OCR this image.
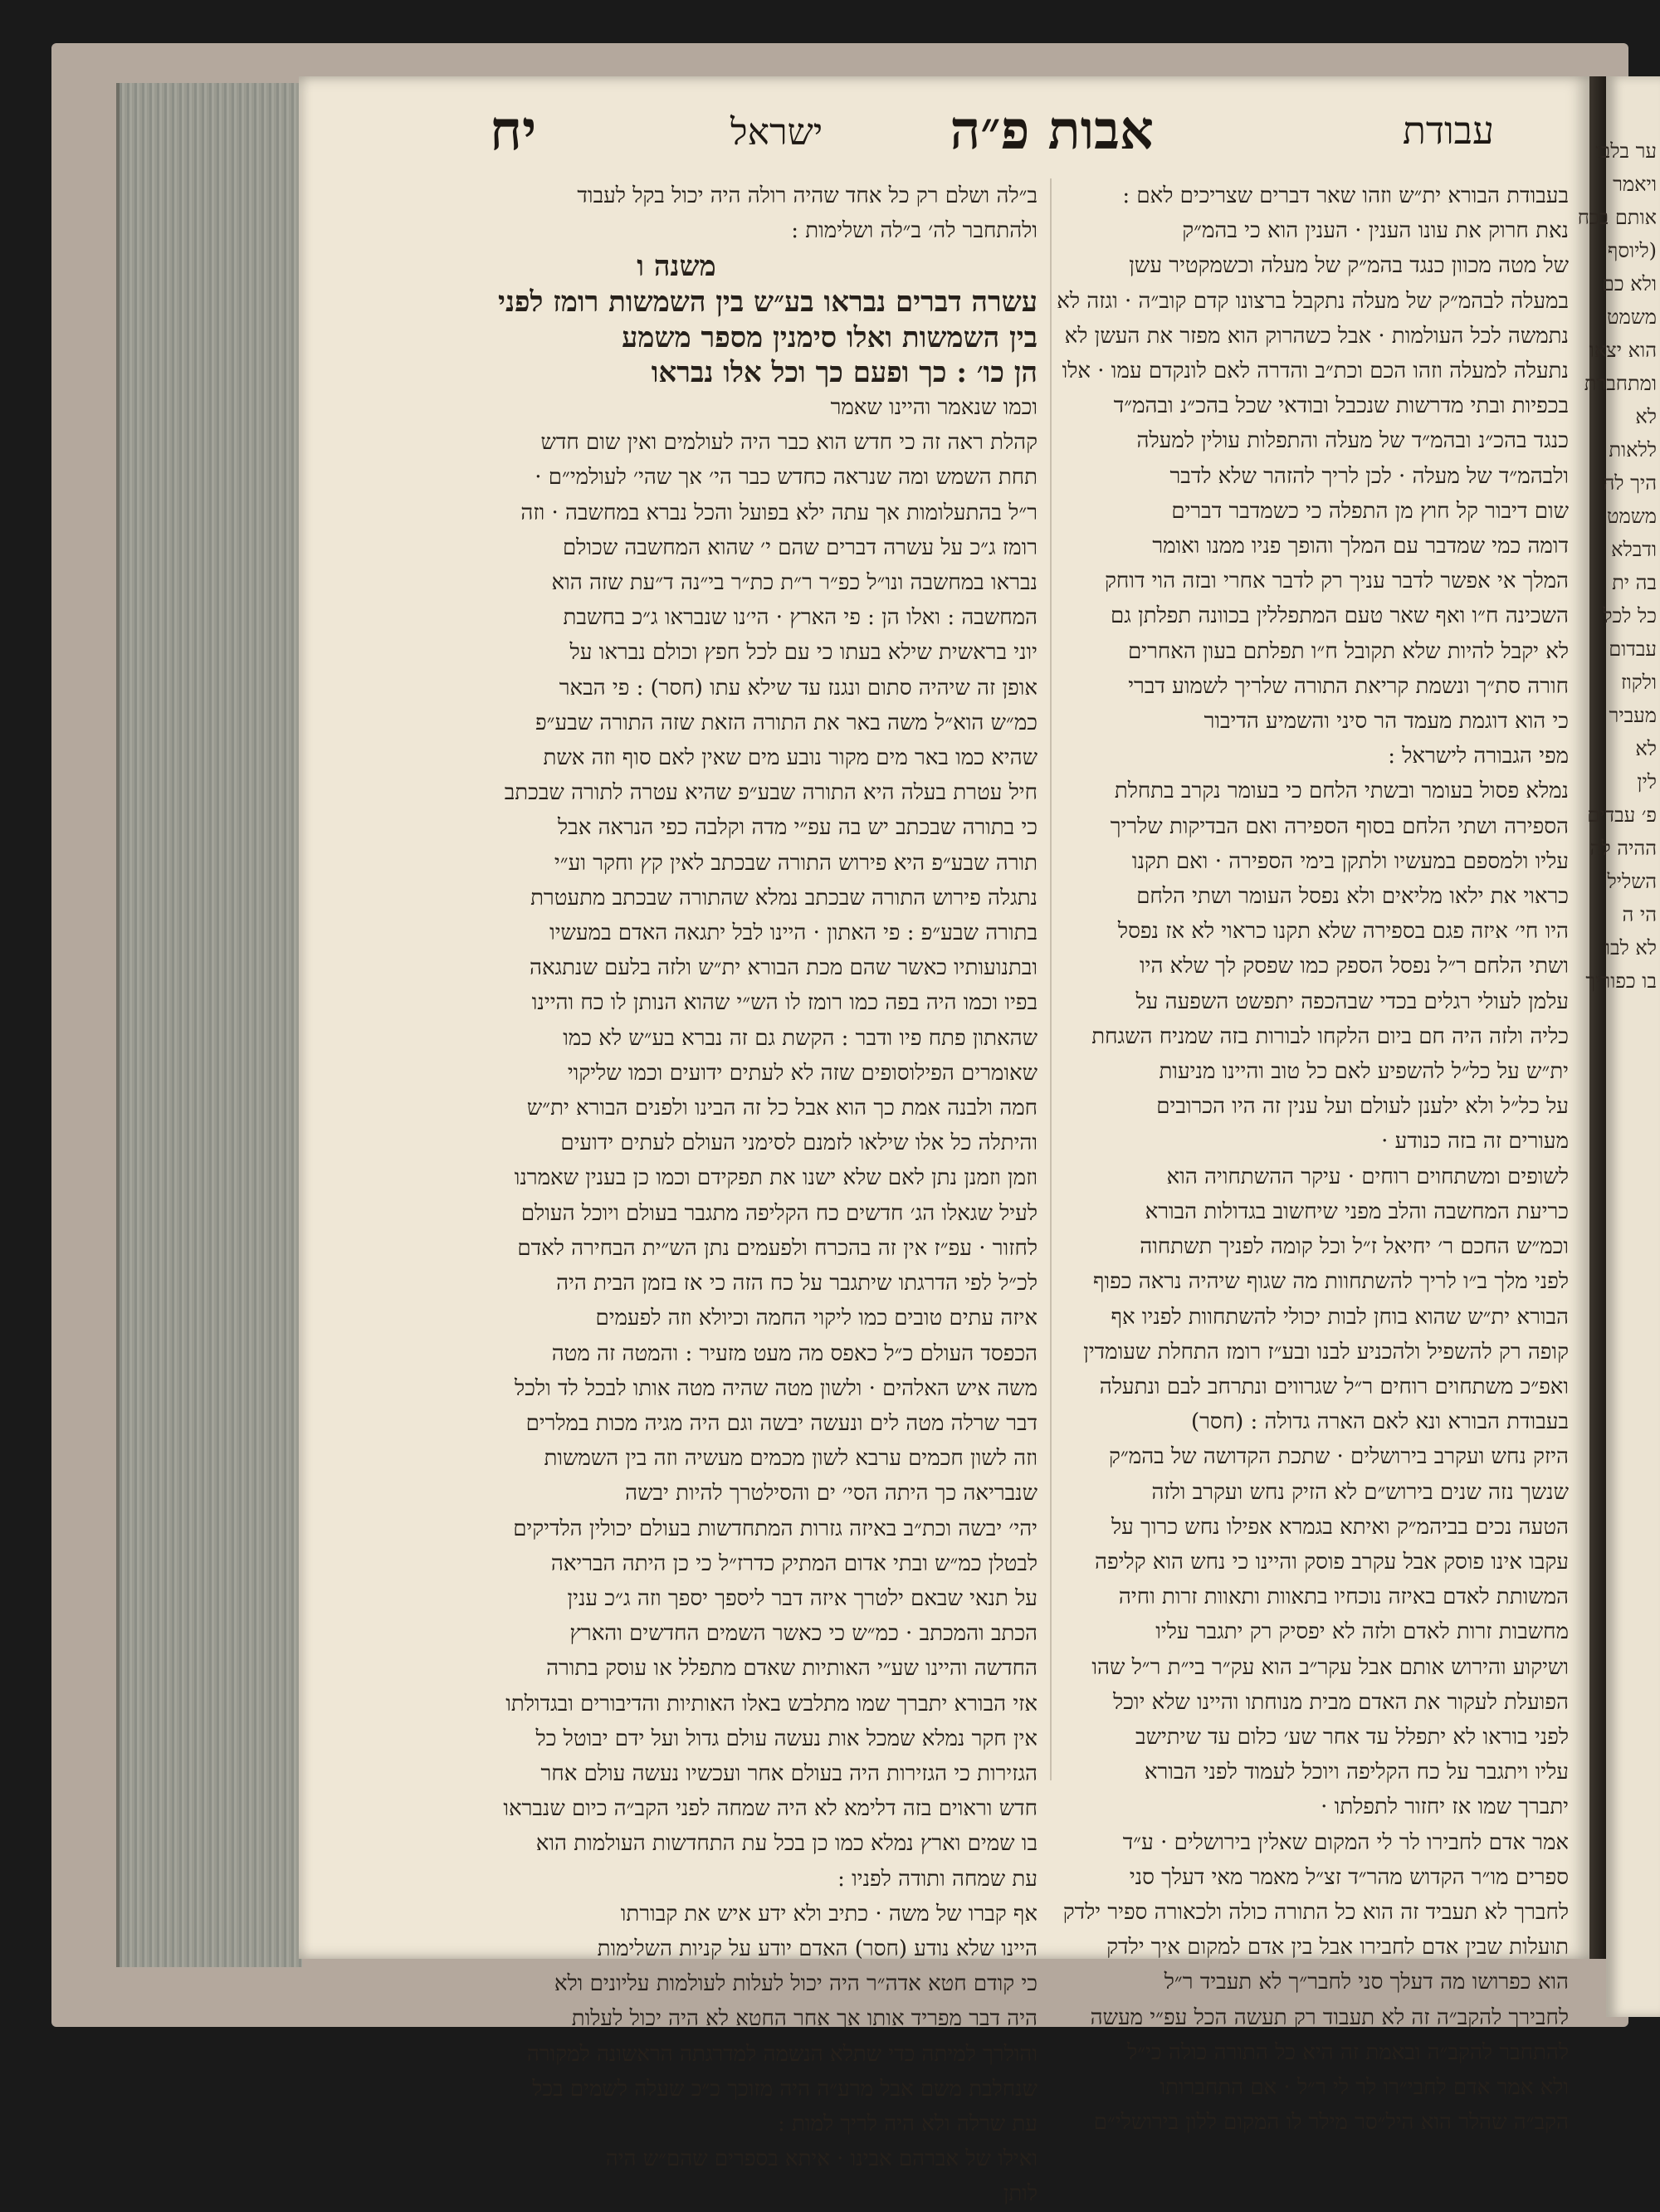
ער בלבו
ויאמר
אותם בכח
(ליוסף
ולא כם
משמט
הוא יצאו
ומתחברת
לא
ללאות
היך לה
משמט
ודבלא
בה ית
כל לכל
עבדום
ולקוז
מעביר
לא
לין
פ׳ עבדים
ההיה לה
השליל
הי ה
לא לבו
בו כפוריך
עבודת
אבות פ״ה
ישראל
יח
בעבודת הבורא ית״ש וזהו שאר דברים שצריכים לאם :
נאת חרוק את עונו הענין · הענין הוא כי בהמ״ק
של מטה מכוון כנגד בהמ״ק של מעלה וכשמקטיר עשן
במעלה לבהמ״ק של מעלה נתקבל ברצונו קדם קוב״ה · וגזה לא
נתמשה לכל העולמות · אבל כשהרוק הוא מפזר את העשן לא
נתעלה למעלה וזהו הכם וכת״ב והדרה לאם לונקדם עמו · אלו
בכפיות ובתי מדרשות שנכבל ובודאי שכל בהכ״נ ובהמ״ד
כנגד בהכ״נ ובהמ״ד של מעלה והתפלות עולין למעלה
ולבהמ״ד של מעלה · לכן לריך להזהר שלא לדבר
שום דיבור קל חוץ מן התפלה כי כשמדבר דברים
דומה כמי שמדבר עם המלך והופך פניו ממנו ואומר
המלך אי אפשר לדבר עניך רק לדבר אחרי ובזה הוי דוחק
השכינה ח״ו ואף שאר טעם המתפללין בכוונה תפלתן גם
לא יקבל להיות שלא תקובל ח״ו תפלתם בעון האחרים
חורה סת״ך ונשמת קריאת התורה שלריך לשמוע דברי
כי הוא דוגמת מעמד הר סיני והשמיע הדיבור
מפי הגבורה לישראל :
נמלא פסול בעומר ובשתי הלחם כי בעומר נקרב בתחלת
הספירה ושתי הלחם בסוף הספירה ואם הבדיקות שלריך
עליו ולמספם במעשיו ולתקן בימי הספירה · ואם תקנו
כראוי את ילאו מליאים ולא נפסל העומר ושתי הלחם
היו חי׳ איזה פגם בספירה שלא תקנו כראוי לא אז נפסל
ושתי הלחם ר״ל נפסל הספק כמו שפסק לך שלא היו
עלמן לעולי רגלים בכדי שבהכפה יתפשט השפעה על
כליה ולזה היה חם ביום הלקחו לבורות בזה שמניח השגחת
ית״ש על כל״ל להשפיע לאם כל טוב והיינו מניעות
על כל״ל ולא ילענן לעולם ועל ענין זה היו הכרובים
מעורים זה בזה כנודע ·
לשופים ומשתחוים רוחים · עיקר ההשתחויה הוא
כריעת המחשבה והלב מפני שיחשוב בגדולות הבורא
וכמ״ש החכם ר׳ יחיאל ז״ל וכל קומה לפניך תשתחוה
לפני מלך ב״ו לריך להשתחוות מה שגוף שיהיה נראה כפוף
הבורא ית״ש שהוא בוחן לבות יכולי להשתחוות לפניו אף
קופה רק להשפיל ולהכניע לבנו ובע״ז רומז התחלת שעומדין
ואפ״כ משתחוים רוחים ר״ל שגרווים ונתרחב לבם ונתעלה
בעבודת הבורא ונא לאם הארה גדולה : (חסר)
היזק נחש ועקרב בירושלים · שתכת הקדושה של בהמ״ק
שנשך נזה שנים בירוש״ם לא הזיק נחש ועקרב ולזה
הטעה נכים בביהמ״ק ואיתא בגמרא אפילו נחש כרוך על
עקבו אינו פוסק אבל עקרב פוסק והיינו כי נחש הוא קליפה
המשותת לאדם באיזה נוכחיו בתאוות ותאוות זרות וחיה
מחשבות זרות לאדם ולזה לא יפסיק רק יתגבר עליו
ושיקוע והירוש אותם אבל עקר״ב הוא עק״ר בי״ת ר״ל שהו
הפועלת לעקור את האדם מבית מנוחתו והיינו שלא יוכל
לפני בוראו לא יתפלל עד אחר שע׳ כלום עד שיתישב
עליו ויתגבר על כח הקליפה ויוכל לעמוד לפני הבורא
יתברך שמו אז יחזור לתפלתו ·
אמר אדם לחבירו לר לי המקום שאלין בירושלים · ע״ד
ספרים מו״ר הקדוש מהר״ד זצ״ל מאמר מאי דעלך סני
לחברך לא תעביד זה הוא כל התורה כולה ולכאורה ספיר ילדק
תועלות שבין אדם לחבירו אבל בין אדם למקום איך ילדק
הוא כפרושו מה דעלך סני לחבר״ך לא תעביד ר״ל
לחבירך להקב״ה זה לא תעבוד רק תעשה הכל עפ״י מעשה
להתחבר להקב״ה ובאמת זה היא כל התורה כולה כי״ל
ולא אמר אדם לחבי״רו לר לי ר״ל · אם התחברותו
הקב״ה שהלר הוא היל״סר מילר לו המקום ללון בירושלי״ם
ב״לה ושלם רק כל אחד שהיה רולה היה יכול בקל לעבוד
ולהתחבר לה׳ ב״לה ושלימות :
משנה ו
עשרה דברים נבראו בע״ש בין השמשות רומז לפני
בין השמשות ואלו סימנין מספר משמע
הן כו׳ : כך ופעם כך וכל אלו נבראו
וכמו שנאמר והיינו שאמר
קהלת ראה זה כי חדש הוא כבר היה לעולמים ואין שום חדש
תחת השמש ומה שנראה כחדש כבר הי׳ אך שהי׳ לעולמי״ם ·
ר״ל בהתעלומות אך עתה ילא בפועל והכל נברא במחשבה · וזה
רומז ג״כ על עשרה דברים שהם י׳ שהוא המחשבה שכולם
נבראו במחשבה ונו״ל כפ״ר ר״ת כת״ר בי״נה ד״עת שזה הוא
המחשבה : ואלו הן : פי הארץ · הי׳נו שנבראו ג״כ בחשבת
יוני בראשית שילא בעתו כי עם לכל חפץ וכולם נבראו על
אופן זה שיהיה סתום ונגנז עד שילא עתו (חסר) : פי הבאר
כמ״ש הוא״ל משה באר את התורה הזאת שזה התורה שבע״פ
שהיא כמו באר מים מקור נובע מים שאין לאם סוף וזה אשת
חיל עטרת בעלה היא התורה שבע״פ שהיא עטרה לתורה שבכתב
כי בתורה שבכתב יש בה עפ״י מדה וקלבה כפי הנראה אבל
תורה שבע״פ היא פירוש התורה שבכתב לאין קץ וחקר וע״י
נתגלה פירוש התורה שבכתב נמלא שהתורה שבכתב מתעטרת
בתורה שבע״פ : פי האתון · היינו לבל יתגאה האדם במעשיו
ובתנועותיו כאשר שהם מכת הבורא ית״ש ולזה בלעם שנתגאה
בפיו וכמו היה בפה כמו רומז לו הש״י שהוא הנותן לו כח והיינו
שהאתון פתח פיו ודבר : הקשת גם זה נברא בע״ש לא כמו
שאומרים הפילוסופים שזה לא לעתים ידועים וכמו שליקוי
חמה ולבנה אמת כך הוא אבל כל זה הבינו ולפנים הבורא ית״ש
והיתלה כל אלו שילאו לזמנם לסימני העולם לעתים ידועים
וזמן וזמנן נתן לאם שלא ישנו את תפקידם וכמו כן בענין שאמרנו
לעיל שגאלו הג׳ חדשים כח הקליפה מתגבר בעולם ויוכל העולם
לחזור · עפ״ז אין זה בהכרח ולפעמים נתן הש״ית הבחירה לאדם
לכ״ל לפי הדרגתו שיתגבר על כח הזה כי אז בזמן הבית היה
איזה עתים טובים כמו ליקוי החמה וכיולא וזה לפעמים
הכפסד העולם כ״ל כאפס מה מעט מזעיר : והמטה זה מטה
משה איש האלהים · ולשון מטה שהיה מטה אותו לבכל לד ולכל
דבר שרלה מטה לים ונעשה יבשה וגם היה מגיה מכות במלרים
וזה לשון חכמים ערבא לשון מכמים מעשיה וזה בין השמשות
שנבריאה כך היתה הסי׳ ים והסילטרך להיות יבשה
יהי׳ יבשה וכת״ב באיזה גזרות המתחדשות בעולם יכולין הלדיקים
לבטלן כמ״ש ובתי אדום המתיק כדרז״ל כי כן היתה הבריאה
על תנאי שבאם ילטרך איזה דבר ליספך יספך וזה ג״כ ענין
הכתב והמכתב · כמ״ש כי כאשר השמים החדשים והארץ
החדשה והיינו שע״י האותיות שאדם מתפלל או עוסק בתורה
אזי הבורא יתברך שמו מתלבש באלו האותיות והדיבורים ובגדולתו
אין חקר נמלא שמכל אות נעשה עולם גדול ועל ידם יבוטל כל
הגזירות כי הגזירות היה בעולם אחר ועכשיו נעשה עולם אחר
חדש וראוים בזה דלימא לא היה שמחה לפני הקב״ה כיום שנבראו
בו שמים וארץ נמלא כמו כן בכל עת התחדשות העולמות הוא
עת שמחה ותודה לפניו :
אף קברו של משה · כתיב ולא ידע איש את קבורתו
היינו שלא נודע (חסר) האדם יודע על קניות השלימות
כי קודם חטא אדה״ר היה יכול לעלות לעולמות עליונים ולא
היה דבר מפריד אותו אך אחר החטא לא היה יכול לעלות
והולרך למיתה כדי שתלא הנשמה למדרגתה הראשונה למקורה
שנחלבת משם אבל מרע״ה היה מזוכך כ״כ שעלה לשמים בכל
עת שרלה ולא היה לריך למות :
ואילו של אברהם אבינו · איתא בספרים שהם״ש היה
לותן
